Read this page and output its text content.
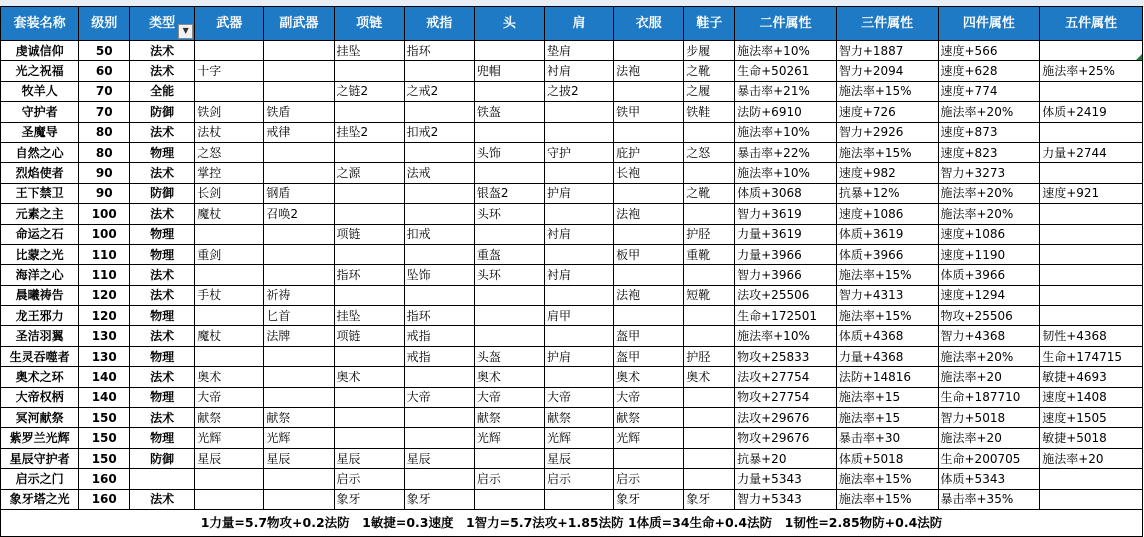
套装名称	级别	类型 ▼	武器	副武器	项链	戒指	头	肩	衣服	鞋子	二件属性	三件属性	四件属性	五件属性
虔诚信仰	50	法术			挂坠	指环		垫肩		步履	施法率+10%	智力+1887	速度+566	

光之祝福	60	法术	十字				兜帽	衬肩	法袍	之靴	生命+50261	智力+2094	速度+628	施法率+25%
牧羊人	70	全能			之链2	之戒2		之披2		之履	暴击率+21%	施法率+15%	速度+774	
守护者	70	防御	铁剑	铁盾			铁盔		铁甲	铁鞋	法防+6910	速度+726	施法率+20%	体质+2419
圣魔导	80	法术	法杖	戒律	挂坠2	扣戒2					施法率+10%	智力+2926	速度+873	
自然之心	80	物理	之怒				头饰	守护	庇护	之怒	暴击率+22%	施法率+15%	速度+823	力量+2744
烈焰使者	90	法术	掌控		之源	法戒			长袍		施法率+10%	速度+982	智力+3273	
王下禁卫	90	防御	长剑	钢盾			银盔2	护肩		之靴	体质+3068	抗暴+12%	施法率+20%	速度+921
元素之主	100	法术	魔杖	召唤2			头环		法袍		智力+3619	速度+1086	施法率+20%	
命运之石	100	物理			项链	扣戒		衬肩		护胫	力量+3619	体质+3619	速度+1086	
比蒙之光	110	物理	重剑				重盔		板甲	重靴	力量+3966	体质+3966	速度+1190	
海洋之心	110	法术			指环	坠饰	头环	衬肩			智力+3966	施法率+15%	体质+3966	
晨曦祷告	120	法术	手杖	祈祷					法袍	短靴	法攻+25506	智力+4313	速度+1294	
龙王邪力	120	物理		匕首	挂坠	指环		肩甲			生命+172501	施法率+15%	物攻+25506	
圣洁羽翼	130	法术	魔杖	法牌	项链	戒指			盔甲		施法率+10%	体质+4368	智力+4368	韧性+4368
生灵吞噬者	130	物理				戒指	头盔	护肩	盔甲	护胫	物攻+25833	力量+4368	施法率+20%	生命+174715
奥术之环	140	法术	奥术		奥术		奥术		奥术	奥术	法攻+27754	法防+14816	施法率+20	敏捷+4693
大帝权柄	140	物理	大帝			大帝	大帝	大帝	大帝		物攻+27754	施法率+15	生命+187710	速度+1408
冥河献祭	150	法术	献祭	献祭			献祭	献祭	献祭		法攻+29676	施法率+15	智力+5018	速度+1505
紫罗兰光辉	150	物理	光辉	光辉			光辉	光辉	光辉		物攻+29676	暴击率+30	施法率+20	敏捷+5018
星辰守护者	150	防御	星辰	星辰	星辰	星辰		星辰			抗暴+20	体质+5018	生命+200705	施法率+20
启示之门	160				启示		启示	启示	启示		力量+5343	施法率+15%	体质+5343	
象牙塔之光	160	法术			象牙	象牙			象牙	象牙	智力+5343	施法率+15%	暴击率+35%	
1力量=5.7物攻+0.2法防　1敏捷=0.3速度　1智力=5.7法攻+1.85法防 1体质=34生命+0.4法防　1韧性=2.85物防+0.4法防														
